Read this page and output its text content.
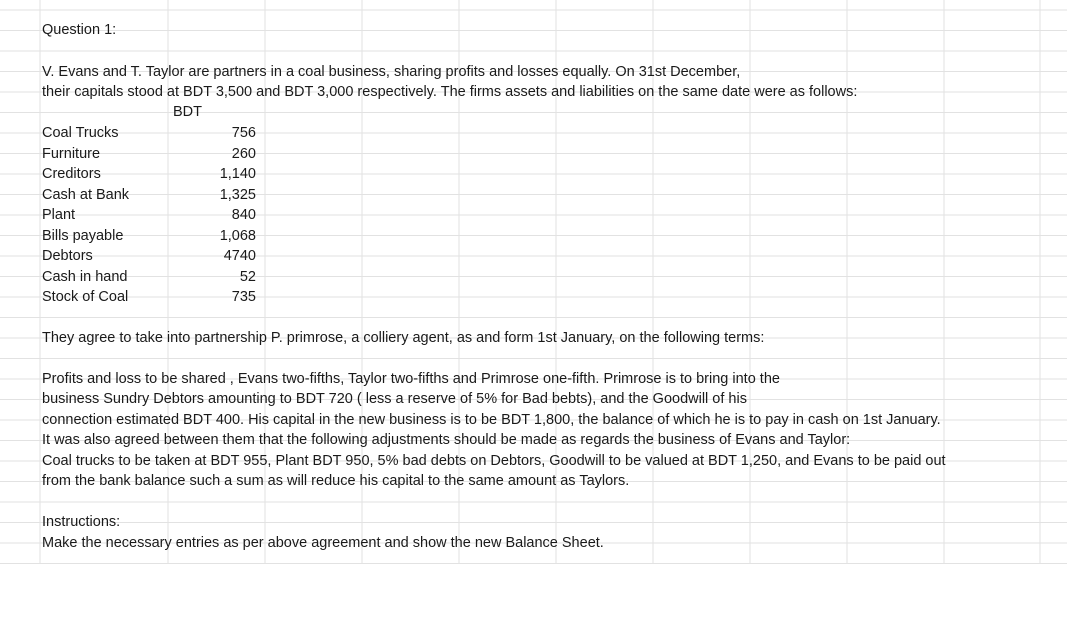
Question 1:
V. Evans and T. Taylor are partners in a coal business, sharing profits and losses equally. On 31st December,
their capitals stood at BDT 3,500 and BDT 3,000 respectively. The firms assets and liabilities on the same date were as follows:
BDT
Coal Trucks	756
Furniture	260
Creditors	1,140
Cash at Bank	1,325
Plant	840
Bills payable	1,068
Debtors	4740
Cash in hand	52
Stock of Coal	735
They agree to take into partnership P. primrose, a colliery agent, as and form 1st January, on the following terms:
Profits and loss to be shared , Evans two-fifths, Taylor two-fifths and Primrose one-fifth. Primrose is to bring into the
business Sundry Debtors amounting to BDT 720 ( less a reserve of 5% for Bad bebts), and the Goodwill of his
connection estimated BDT 400. His capital in the new business is to be BDT 1,800, the balance of which he is to pay in cash on 1st January.
It was also agreed between them that the following adjustments should be made as regards the business of Evans and Taylor:
Coal trucks to be taken at BDT 955, Plant BDT 950, 5% bad debts on Debtors, Goodwill to be valued at BDT 1,250, and Evans to be paid out
from the bank balance such a sum as will reduce his capital to the same amount as Taylors.
Instructions:
Make the necessary entries as per above agreement and show the new Balance Sheet.
